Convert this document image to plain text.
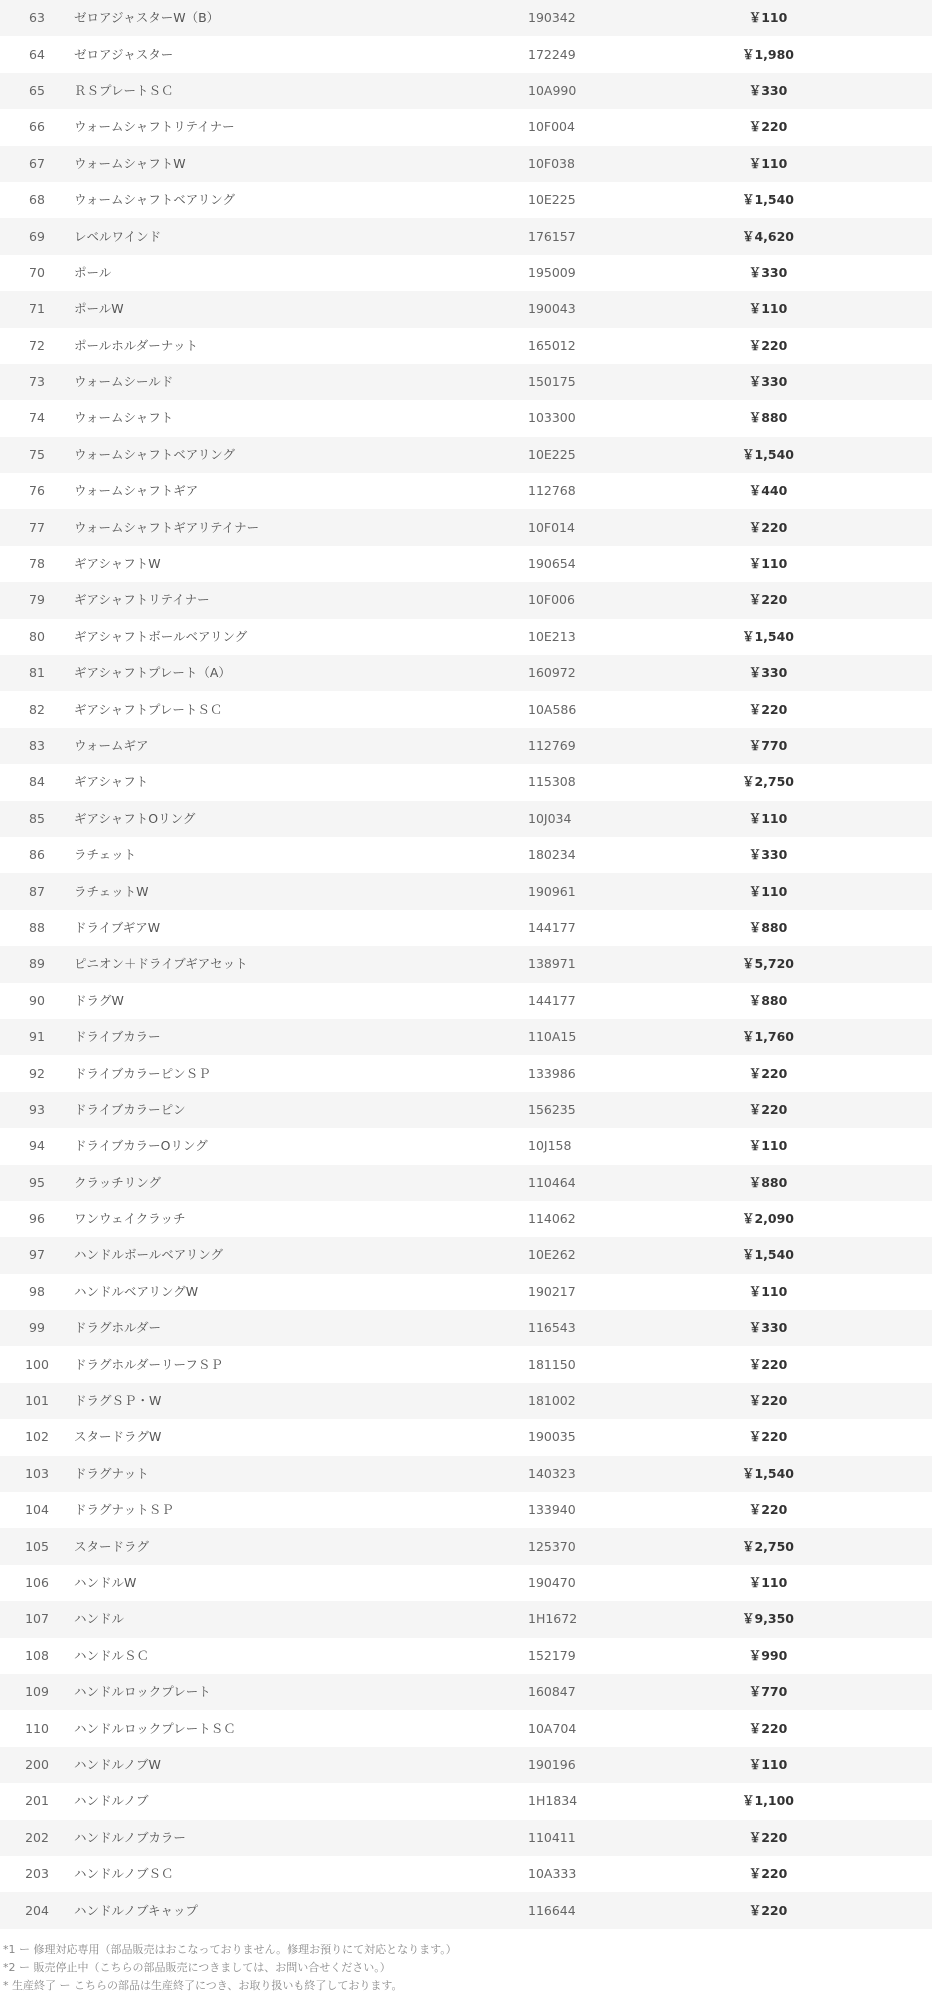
63	ゼロアジャスターW（B）	190342	￥110	
64	ゼロアジャスター	172249	￥1,980	
65	ＲＳプレートＳＣ	10A990	￥330	
66	ウォームシャフトリテイナー	10F004	￥220	
67	ウォームシャフトW	10F038	￥110	
68	ウォームシャフトベアリング	10E225	￥1,540	
69	レベルワインド	176157	￥4,620	
70	ポール	195009	￥330	
71	ポールW	190043	￥110	
72	ポールホルダーナット	165012	￥220	
73	ウォームシールド	150175	￥330	
74	ウォームシャフト	103300	￥880	
75	ウォームシャフトベアリング	10E225	￥1,540	
76	ウォームシャフトギア	112768	￥440	
77	ウォームシャフトギアリテイナー	10F014	￥220	
78	ギアシャフトW	190654	￥110	
79	ギアシャフトリテイナー	10F006	￥220	
80	ギアシャフトボールベアリング	10E213	￥1,540	
81	ギアシャフトプレート（A）	160972	￥330	
82	ギアシャフトプレートＳＣ	10A586	￥220	
83	ウォームギア	112769	￥770	
84	ギアシャフト	115308	￥2,750	
85	ギアシャフトOリング	10J034	￥110	
86	ラチェット	180234	￥330	
87	ラチェットW	190961	￥110	
88	ドライブギアW	144177	￥880	
89	ピニオン＋ドライブギアセット	138971	￥5,720	
90	ドラグW	144177	￥880	
91	ドライブカラー	110A15	￥1,760	
92	ドライブカラーピンＳＰ	133986	￥220	
93	ドライブカラーピン	156235	￥220	
94	ドライブカラーOリング	10J158	￥110	
95	クラッチリング	110464	￥880	
96	ワンウェイクラッチ	114062	￥2,090	
97	ハンドルボールベアリング	10E262	￥1,540	
98	ハンドルベアリングW	190217	￥110	
99	ドラグホルダー	116543	￥330	
100	ドラグホルダーリーフＳＰ	181150	￥220	
101	ドラグＳＰ・W	181002	￥220	
102	スタードラグW	190035	￥220	
103	ドラグナット	140323	￥1,540	
104	ドラグナットＳＰ	133940	￥220	
105	スタードラグ	125370	￥2,750	
106	ハンドルW	190470	￥110	
107	ハンドル	1H1672	￥9,350	
108	ハンドルＳＣ	152179	￥990	
109	ハンドルロックプレート	160847	￥770	
110	ハンドルロックプレートＳＣ	10A704	￥220	
200	ハンドルノブW	190196	￥110	
201	ハンドルノブ	1H1834	￥1,100	
202	ハンドルノブカラー	110411	￥220	
203	ハンドルノブＳＣ	10A333	￥220	
204	ハンドルノブキャップ	116644	￥220	
*1 ー 修理対応専用（部品販売はおこなっておりません。修理お預りにて対応となります。）
*2 ー 販売停止中（こちらの部品販売につきましては、お問い合せください。）
* 生産終了 ー こちらの部品は生産終了につき、お取り扱いも終了しております。
